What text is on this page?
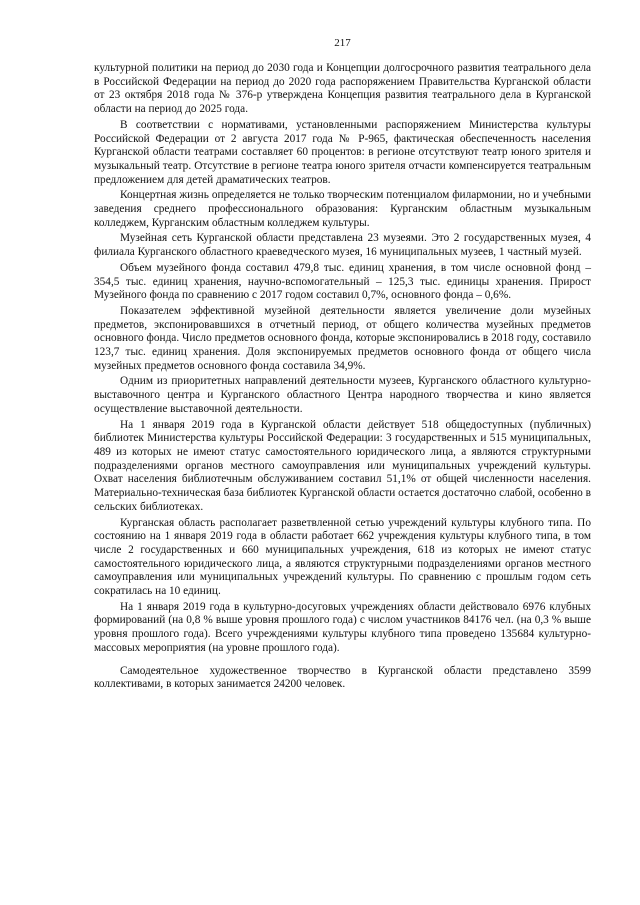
217

культурной политики на период до 2030 года и Концепции долгосрочного развития театрального дела в Российской Федерации на период до 2020 года распоряжением Правительства Курганской области от 23 октября 2018 года № 376-р утверждена Концепция развития театрального дела в Курганской области на период до 2025 года.

В соответствии с нормативами, установленными распоряжением Министерства культуры Российской Федерации от 2 августа 2017 года № Р-965, фактическая обеспеченность населения Курганской области театрами составляет 60 процентов: в регионе отсутствуют театр юного зрителя и музыкальный театр. Отсутствие в регионе театра юного зрителя отчасти компенсируется театральным предложением для детей драматических театров.

Концертная жизнь определяется не только творческим потенциалом филармонии, но и учебными заведения среднего профессионального образования: Курганским областным музыкальным колледжем, Курганским областным колледжем культуры.

Музейная сеть Курганской области представлена 23 музеями. Это 2 государственных музея, 4 филиала Курганского областного краеведческого музея, 16 муниципальных музеев, 1 частный музей.

Объем музейного фонда составил 479,8 тыс. единиц хранения, в том числе основной фонд – 354,5 тыс. единиц хранения, научно-вспомогательный – 125,3 тыс. единицы хранения. Прирост Музейного фонда по сравнению с 2017 годом составил 0,7%, основного фонда – 0,6%.

Показателем эффективной музейной деятельности является увеличение доли музейных предметов, экспонировавшихся в отчетный период, от общего количества музейных предметов основного фонда. Число предметов основного фонда, которые экспонировались в 2018 году, составило 123,7 тыс. единиц хранения. Доля экспонируемых предметов основного фонда от общего числа музейных предметов основного фонда составила 34,9%.

Одним из приоритетных направлений деятельности музеев, Курганского областного культурно-выставочного центра и Курганского областного Центра народного творчества и кино является осуществление выставочной деятельности.

На 1 января 2019 года в Курганской области действует 518 общедоступных (публичных) библиотек Министерства культуры Российской Федерации: 3 государственных и 515 муниципальных, 489 из которых не имеют статус самостоятельного юридического лица, а являются структурными подразделениями органов местного самоуправления или муниципальных учреждений культуры. Охват населения библиотечным обслуживанием составил 51,1% от общей численности населения. Материально-техническая база библиотек Курганской области остается достаточно слабой, особенно в сельских библиотеках.

Курганская область располагает разветвленной сетью учреждений культуры клубного типа. По состоянию на 1 января 2019 года в области работает 662 учреждения культуры клубного типа, в том числе 2 государственных и 660 муниципальных учреждения, 618 из которых не имеют статус самостоятельного юридического лица, а являются структурными подразделениями органов местного самоуправления или муниципальных учреждений культуры. По сравнению с прошлым годом сеть сократилась на 10 единиц.

На 1 января 2019 года в культурно-досуговых учреждениях области действовало 6976 клубных формирований (на 0,8 % выше уровня прошлого года) с числом участников 84176 чел. (на 0,3 % выше уровня прошлого года). Всего учреждениями культуры клубного типа проведено 135684 культурно-массовых мероприятия (на уровне прошлого года).

Самодеятельное художественное творчество в Курганской области представлено 3599 коллективами, в которых занимается 24200 человек.
